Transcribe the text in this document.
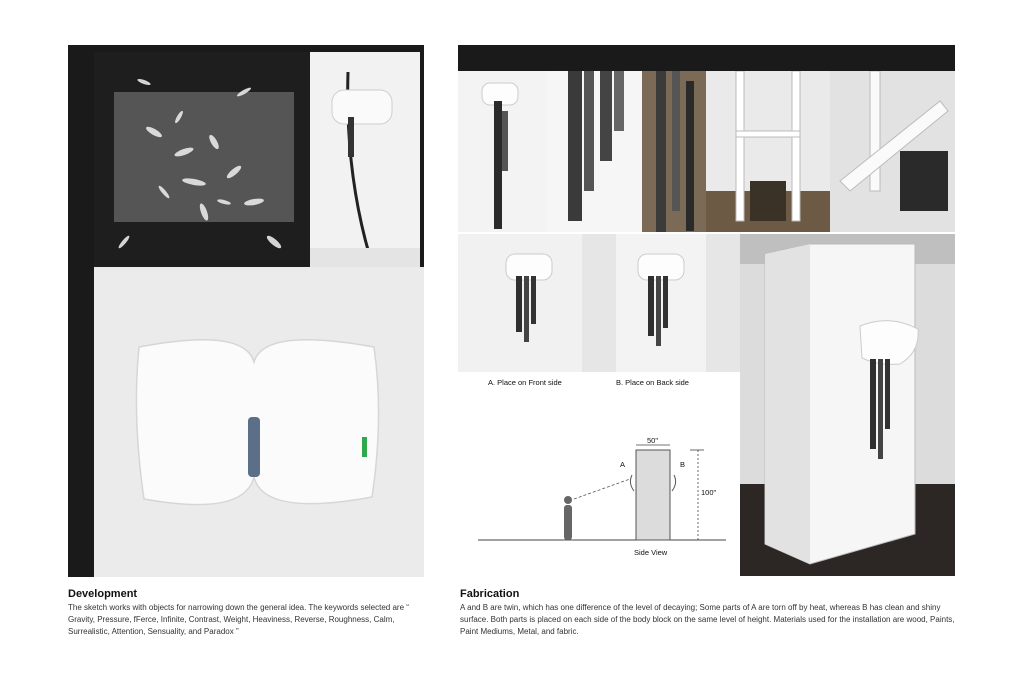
Development
The sketch works with objects for narrowing down the general idea. The keywords selected are “ Gravity, Pressure, fFerce, Infinite, Contrast, Weight, Heaviness, Reverse, Roughness, Calm, Surrealistic, Attention, Sensuality, and Paradox ”
A. Place on Front side	B. Place on Back side
50"
100"
A	B
Side View
Fabrication
A and B are twin, which has one difference of the level of decaying; Some parts of A are torn off by heat, whereas B has clean and shiny surface. Both parts is placed on each side of the body block on the same level of height. Materials used for the installation are wood, Paints, Paint Mediums, Metal, and fabric.
